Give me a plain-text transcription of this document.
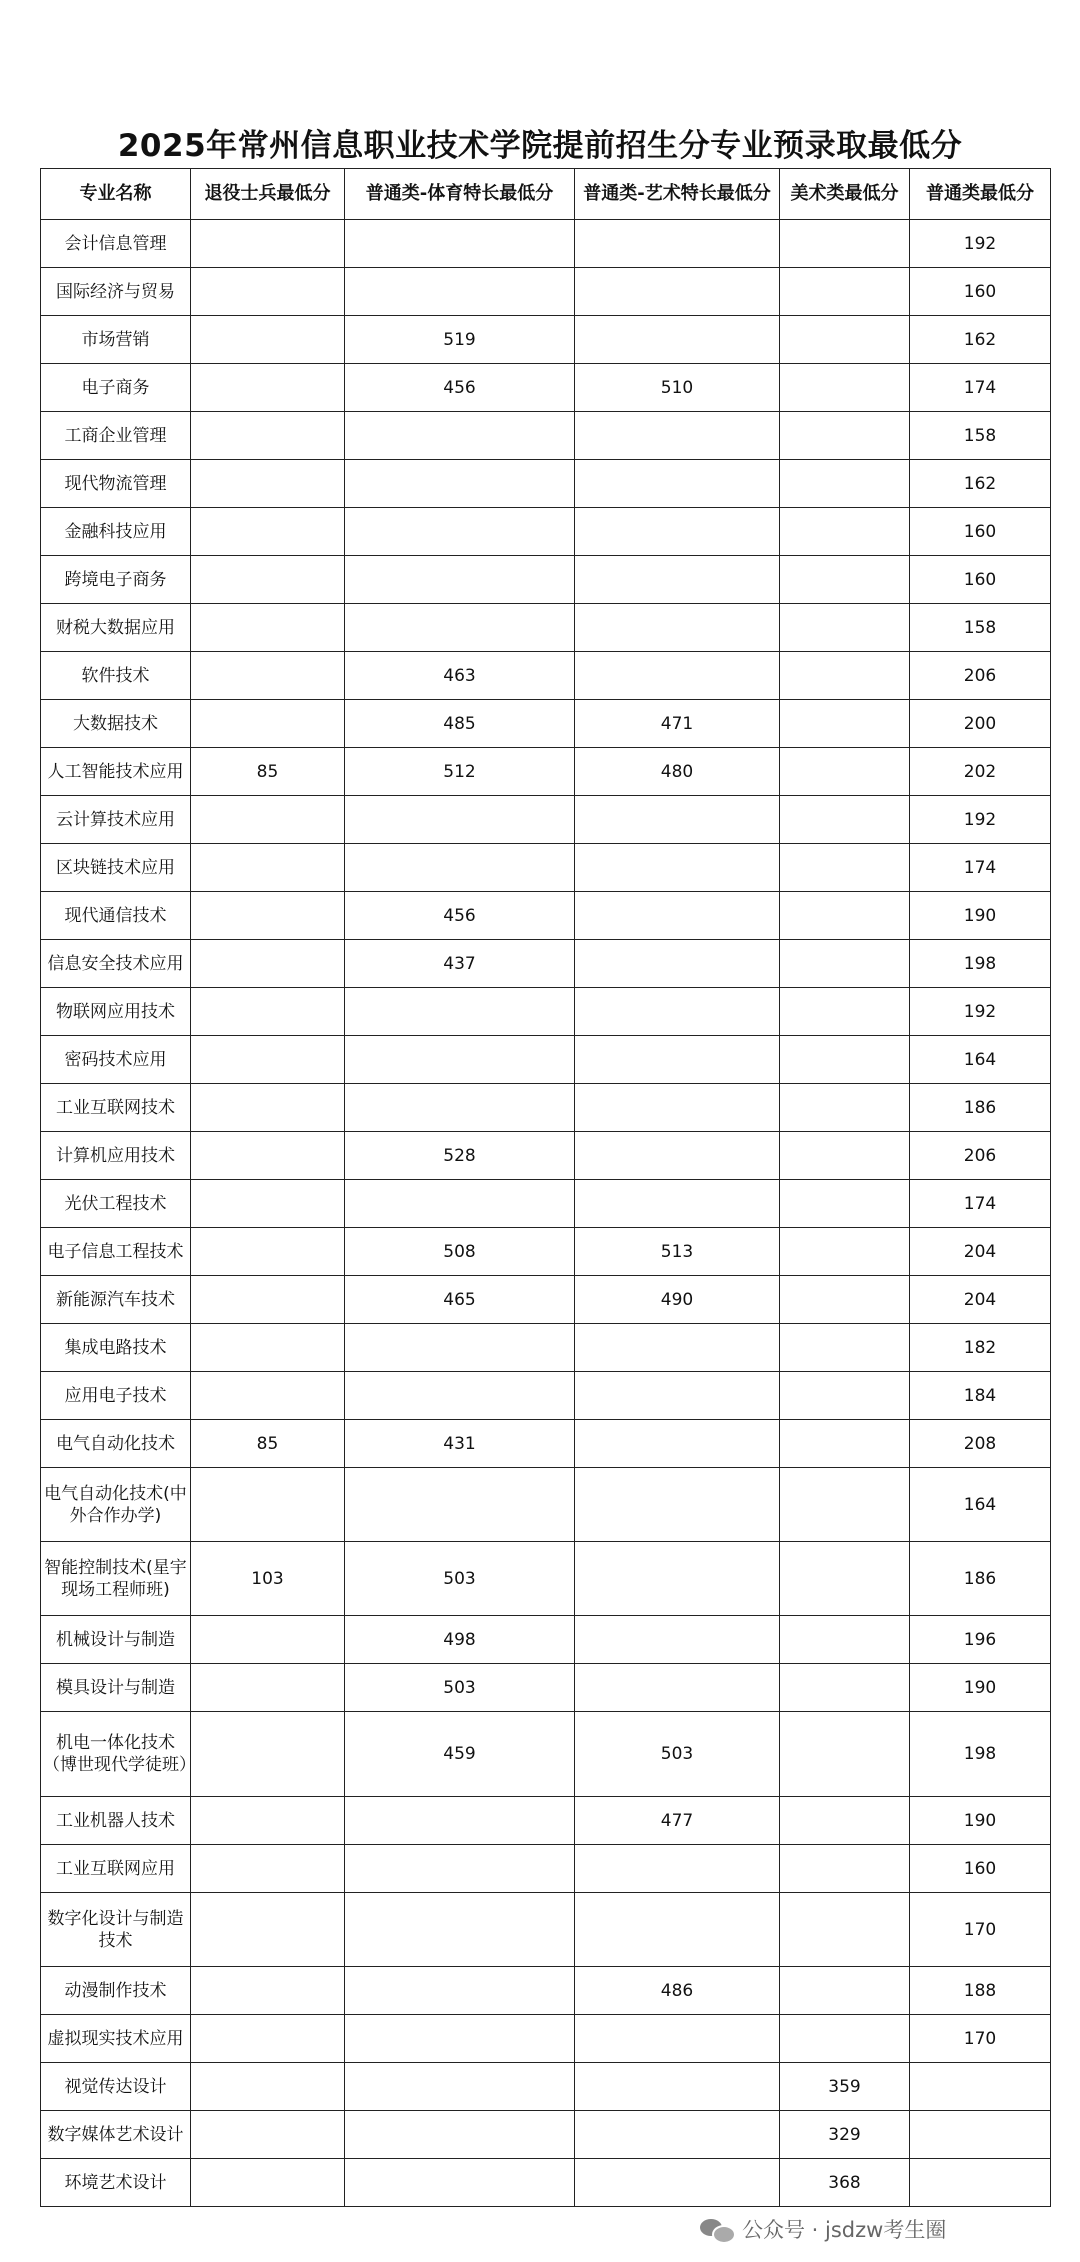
2025年常州信息职业技术学院提前招生分专业预录取最低分
专业名称	退役士兵最低分	普通类-体育特长最低分	普通类-艺术特长最低分	美术类最低分	普通类最低分
会计信息管理					192
国际经济与贸易					160
市场营销		519			162
电子商务		456	510		174
工商企业管理					158
现代物流管理					162
金融科技应用					160
跨境电子商务					160
财税大数据应用					158
软件技术		463			206
大数据技术		485	471		200
人工智能技术应用	85	512	480		202
云计算技术应用					192
区块链技术应用					174
现代通信技术		456			190
信息安全技术应用		437			198
物联网应用技术					192
密码技术应用					164
工业互联网技术					186
计算机应用技术		528			206
光伏工程技术					174
电子信息工程技术		508	513		204
新能源汽车技术		465	490		204
集成电路技术					182
应用电子技术					184
电气自动化技术	85	431			208
电气自动化技术(中外合作办学)					164
智能控制技术(星宇现场工程师班)	103	503			186
机械设计与制造		498			196
模具设计与制造		503			190
机电一体化技术（博世现代学徒班）		459	503		198
工业机器人技术			477		190
工业互联网应用					160
数字化设计与制造技术					170
动漫制作技术			486		188
虚拟现实技术应用					170
视觉传达设计				359	
数字媒体艺术设计				329	
环境艺术设计				368	
公众号 · jsdzw考生圈
